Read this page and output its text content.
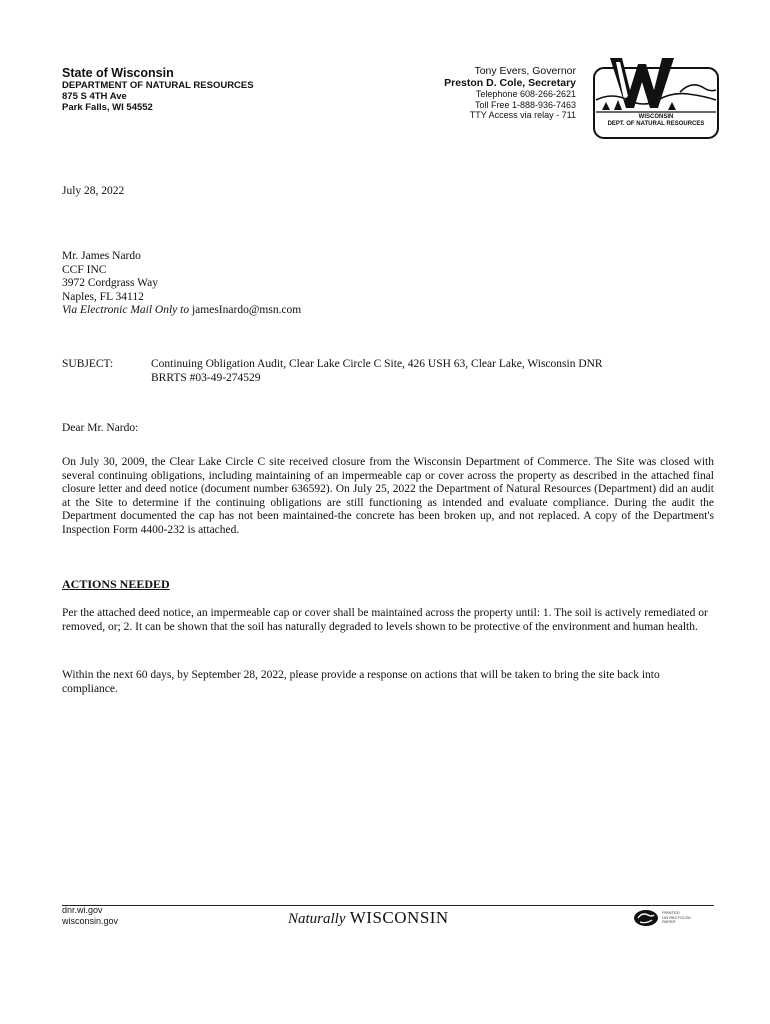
State of Wisconsin
DEPARTMENT OF NATURAL RESOURCES
875 S 4TH Ave
Park Falls, WI 54552
Tony Evers, Governor
Preston D. Cole, Secretary
Telephone 608-266-2621
Toll Free 1-888-936-7463
TTY Access via relay - 711	WISCONSIN
DEPT. OF NATURAL RESOURCES
July 28, 2022
Mr. James Nardo
CCF INC
3972 Cordgrass Way
Naples, FL 34112
Via Electronic Mail Only to jamesInardo@msn.com
SUBJECT:	Continuing Obligation Audit, Clear Lake Circle C Site, 426 USH 63, Clear Lake, Wisconsin DNR
BRRTS #03-49-274529
Dear Mr. Nardo:
On July 30, 2009, the Clear Lake Circle C site received closure from the Wisconsin Department of Commerce. The Site was closed with several continuing obligations, including maintaining of an impermeable cap or cover across the property as described in the attached final closure letter and deed notice (document number 636592). On July 25, 2022 the Department of Natural Resources (Department) did an audit at the Site to determine if the continuing obligations are still functioning as intended and evaluate compliance. During the audit the Department documented the cap has not been maintained-the concrete has been broken up, and not replaced. A copy of the Department's Inspection Form 4400-232 is attached.
ACTIONS NEEDED
Per the attached deed notice, an impermeable cap or cover shall be maintained across the property until: 1. The soil is actively remediated or removed, or; 2. It can be shown that the soil has naturally degraded to levels shown to be protective of the environment and human health.
Within the next 60 days, by September 28, 2022, please provide a response on actions that will be taken to bring the site back into compliance.
dnr.wi.gov
wisconsin.gov	Naturally WISCONSIN	PRINTED
ON RECYCLED
PAPER
